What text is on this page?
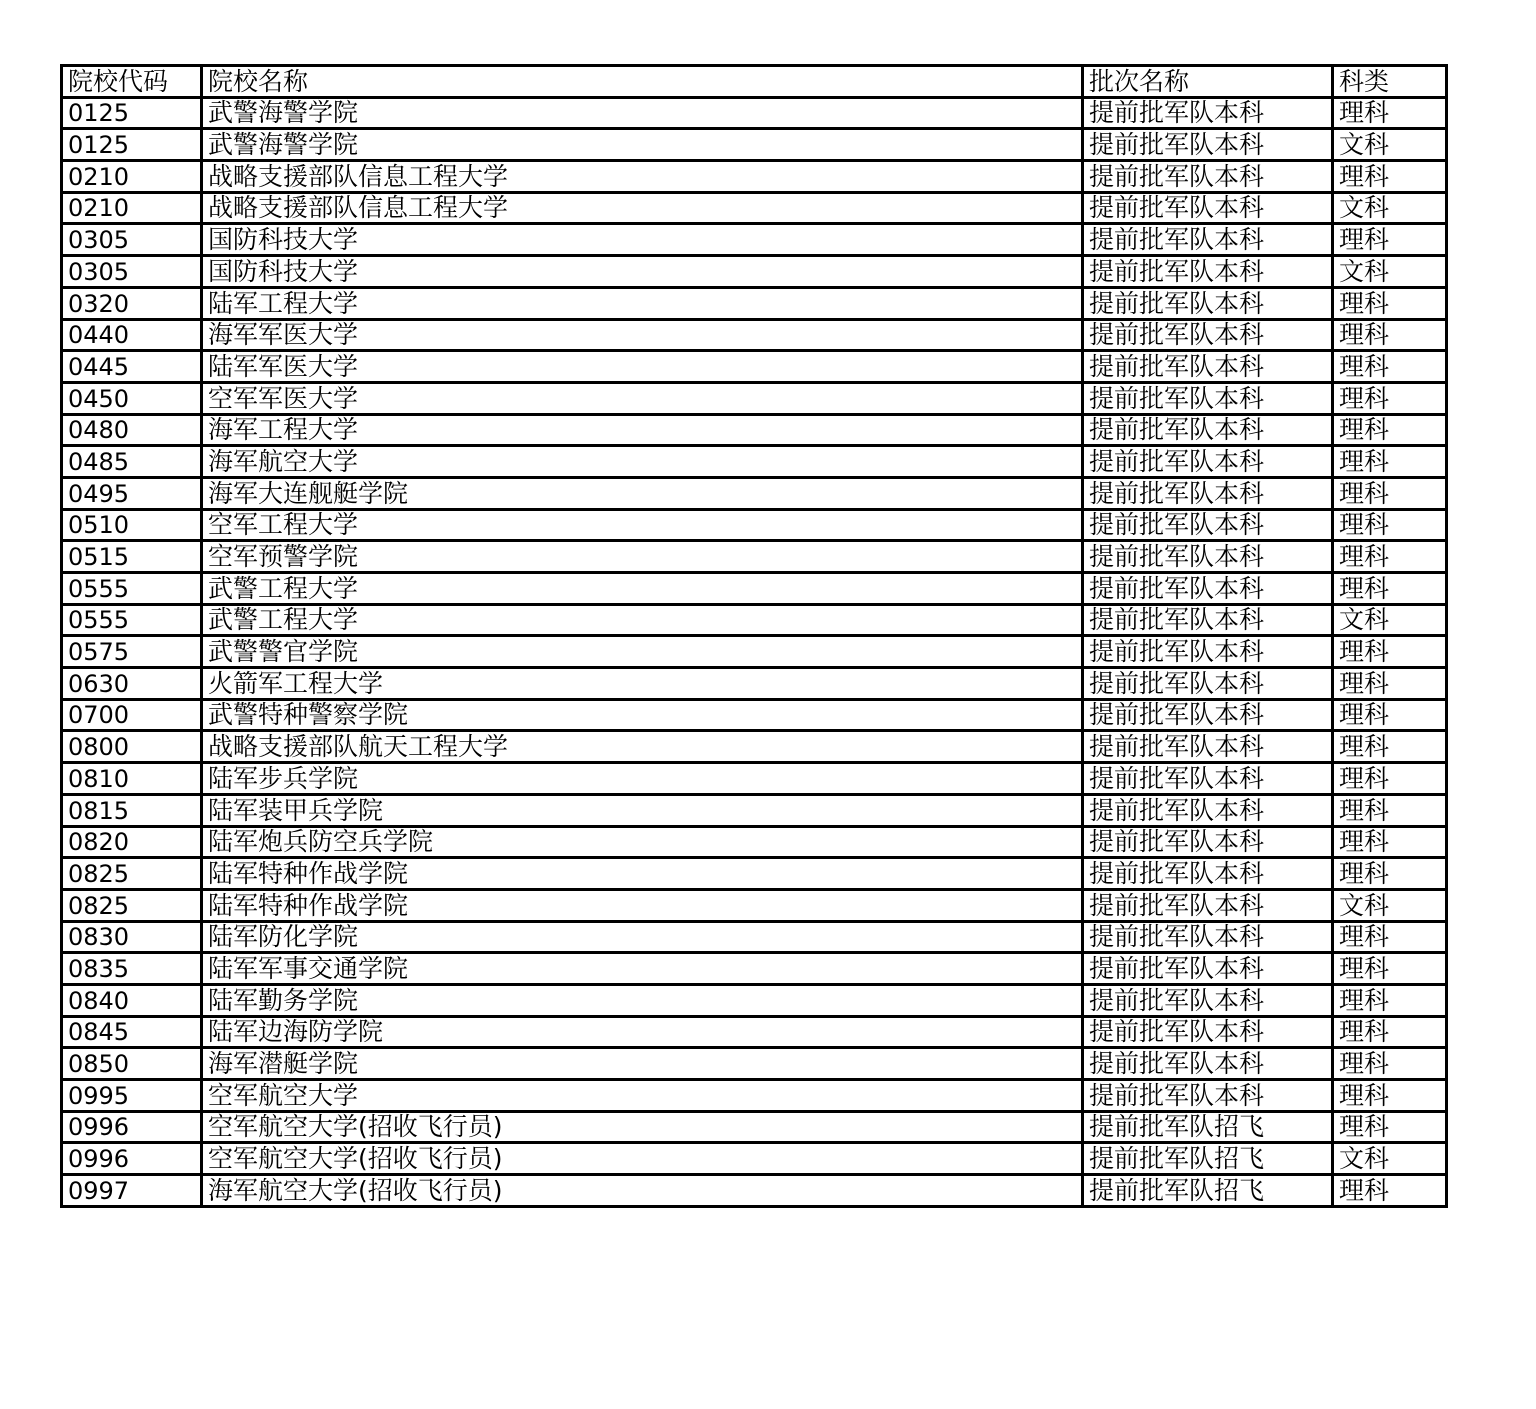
院校代码	院校名称	批次名称	科类
0125	武警海警学院	提前批军队本科	理科
0125	武警海警学院	提前批军队本科	文科
0210	战略支援部队信息工程大学	提前批军队本科	理科
0210	战略支援部队信息工程大学	提前批军队本科	文科
0305	国防科技大学	提前批军队本科	理科
0305	国防科技大学	提前批军队本科	文科
0320	陆军工程大学	提前批军队本科	理科
0440	海军军医大学	提前批军队本科	理科
0445	陆军军医大学	提前批军队本科	理科
0450	空军军医大学	提前批军队本科	理科
0480	海军工程大学	提前批军队本科	理科
0485	海军航空大学	提前批军队本科	理科
0495	海军大连舰艇学院	提前批军队本科	理科
0510	空军工程大学	提前批军队本科	理科
0515	空军预警学院	提前批军队本科	理科
0555	武警工程大学	提前批军队本科	理科
0555	武警工程大学	提前批军队本科	文科
0575	武警警官学院	提前批军队本科	理科
0630	火箭军工程大学	提前批军队本科	理科
0700	武警特种警察学院	提前批军队本科	理科
0800	战略支援部队航天工程大学	提前批军队本科	理科
0810	陆军步兵学院	提前批军队本科	理科
0815	陆军装甲兵学院	提前批军队本科	理科
0820	陆军炮兵防空兵学院	提前批军队本科	理科
0825	陆军特种作战学院	提前批军队本科	理科
0825	陆军特种作战学院	提前批军队本科	文科
0830	陆军防化学院	提前批军队本科	理科
0835	陆军军事交通学院	提前批军队本科	理科
0840	陆军勤务学院	提前批军队本科	理科
0845	陆军边海防学院	提前批军队本科	理科
0850	海军潜艇学院	提前批军队本科	理科
0995	空军航空大学	提前批军队本科	理科
0996	空军航空大学(招收飞行员)	提前批军队招飞	理科
0996	空军航空大学(招收飞行员)	提前批军队招飞	文科
0997	海军航空大学(招收飞行员)	提前批军队招飞	理科
